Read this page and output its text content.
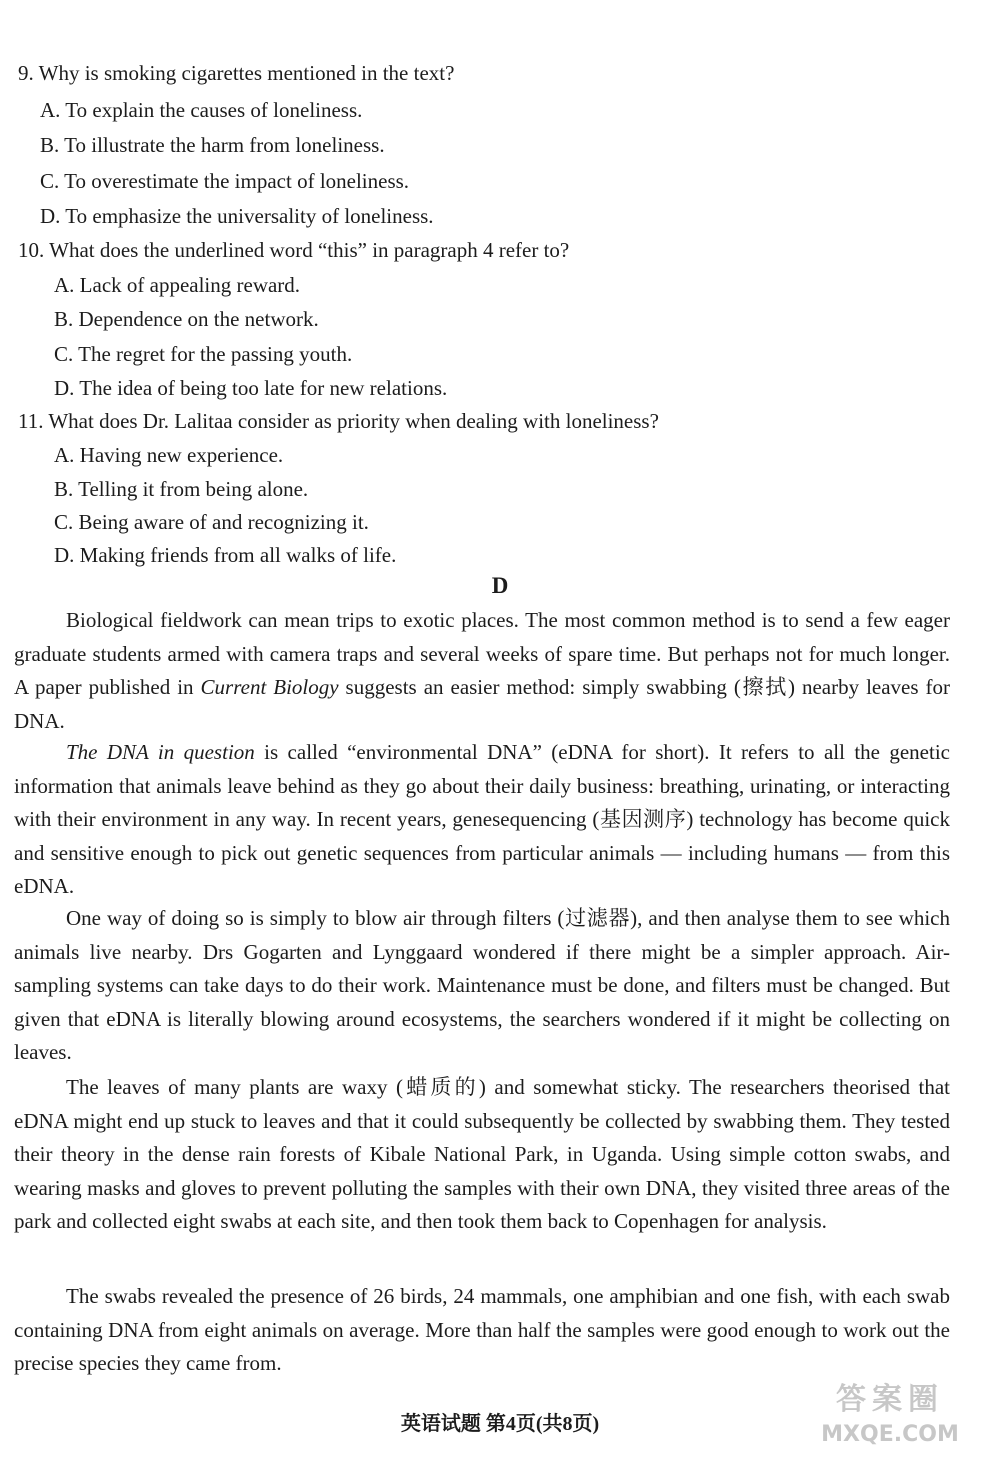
9. Why is smoking cigarettes mentioned in the text?
A. To explain the causes of loneliness.
B. To illustrate the harm from loneliness.
C. To overestimate the impact of loneliness.
D. To emphasize the universality of loneliness.
10. What does the underlined word “this” in paragraph 4 refer to?
A. Lack of appealing reward.
B. Dependence on the network.
C. The regret for the passing youth.
D. The idea of being too late for new relations.
11. What does Dr. Lalitaa consider as priority when dealing with loneliness?
A. Having new experience.
B. Telling it from being alone.
C. Being aware of and recognizing it.
D. Making friends from all walks of life.
D
Biological fieldwork can mean trips to exotic places. The most common method is to send a few eager graduate students armed with camera traps and several weeks of spare time. But perhaps not for much longer. A paper published in Current Biology suggests an easier method: simply swabbing (擦拭) nearby leaves for DNA.
The DNA in question is called “environmental DNA” (eDNA for short). It refers to all the genetic information that animals leave behind as they go about their daily business: breathing, urinating, or interacting with their environment in any way. In recent years, genesequencing (基因测序) technology has become quick and sensitive enough to pick out genetic sequences from particular animals — including humans — from this eDNA.
One way of doing so is simply to blow air through filters (过滤器), and then analyse them to see which animals live nearby. Drs Gogarten and Lynggaard wondered if there might be a simpler approach. Air-sampling systems can take days to do their work. Maintenance must be done, and filters must be changed. But given that eDNA is literally blowing around ecosystems, the searchers wondered if it might be collecting on leaves.
The leaves of many plants are waxy (蜡质的) and somewhat sticky. The researchers theorised that eDNA might end up stuck to leaves and that it could subsequently be collected by swabbing them. They tested their theory in the dense rain forests of Kibale National Park, in Uganda. Using simple cotton swabs, and wearing masks and gloves to prevent polluting the samples with their own DNA, they visited three areas of the park and collected eight swabs at each site, and then took them back to Copenhagen for analysis.
The swabs revealed the presence of 26 birds, 24 mammals, one amphibian and one fish, with each swab containing DNA from eight animals on average. More than half the samples were good enough to work out the precise species they came from.
英语试题 第4页(共8页)
答案圈
MXQE.COM
